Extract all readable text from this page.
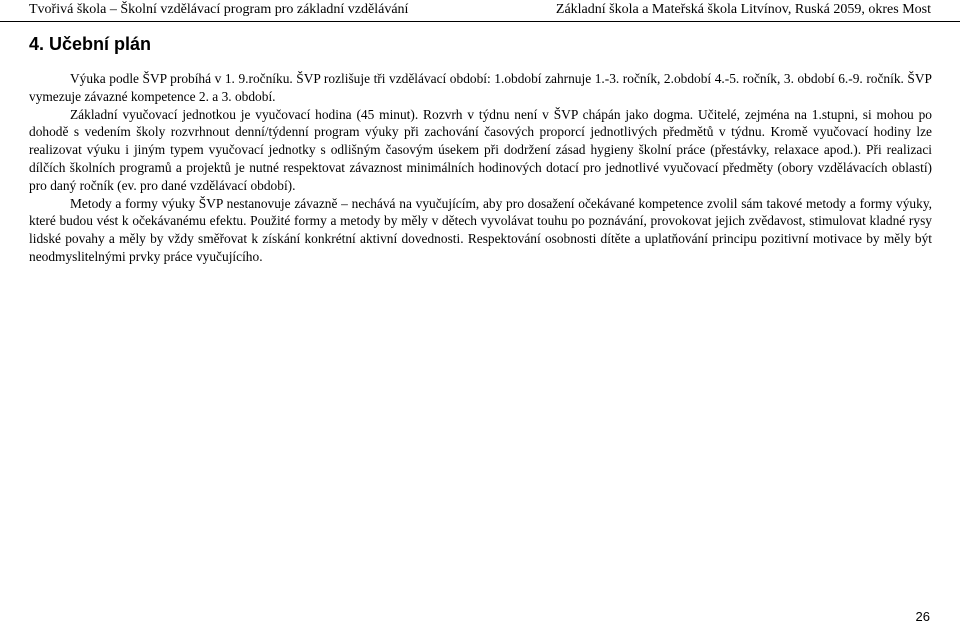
Tvořivá škola – Školní vzdělávací program pro základní vzdělávání	Základní škola a Mateřská škola Litvínov, Ruská 2059, okres Most
4. Učební plán

Výuka podle ŠVP probíhá v 1. 9.ročníku. ŠVP rozlišuje tři vzdělávací období: 1.období zahrnuje 1.-3. ročník, 2.období 4.-5. ročník, 3. období 6.-9. ročník. ŠVP vymezuje závazné kompetence 2. a 3. období.

Základní vyučovací jednotkou je vyučovací hodina (45 minut). Rozvrh v týdnu není v ŠVP chápán jako dogma. Učitelé, zejména na 1.stupni, si mohou po dohodě s vedením školy rozvrhnout denní/týdenní program výuky při zachování časových proporcí jednotlivých předmětů v týdnu. Kromě vyučovací hodiny lze realizovat výuku i jiným typem vyučovací jednotky s odlišným časovým úsekem při dodržení zásad hygieny školní práce (přestávky, relaxace apod.). Při realizaci dílčích školních programů a projektů je nutné respektovat závaznost minimálních hodinových dotací pro jednotlivé vyučovací předměty (obory vzdělávacích oblastí) pro daný ročník (ev. pro dané vzdělávací období).

Metody a formy výuky ŠVP nestanovuje závazně – nechává na vyučujícím, aby pro dosažení očekávané kompetence zvolil sám takové metody a formy výuky, které budou vést k očekávanému efektu. Použité formy a metody by měly v dětech vyvolávat touhu po poznávání, provokovat jejich zvědavost, stimulovat kladné rysy lidské povahy a měly by vždy směřovat k získání konkrétní aktivní dovednosti. Respektování osobnosti dítěte a uplatňování principu pozitivní motivace by měly být neodmyslitelnými prvky práce vyučujícího.

26
